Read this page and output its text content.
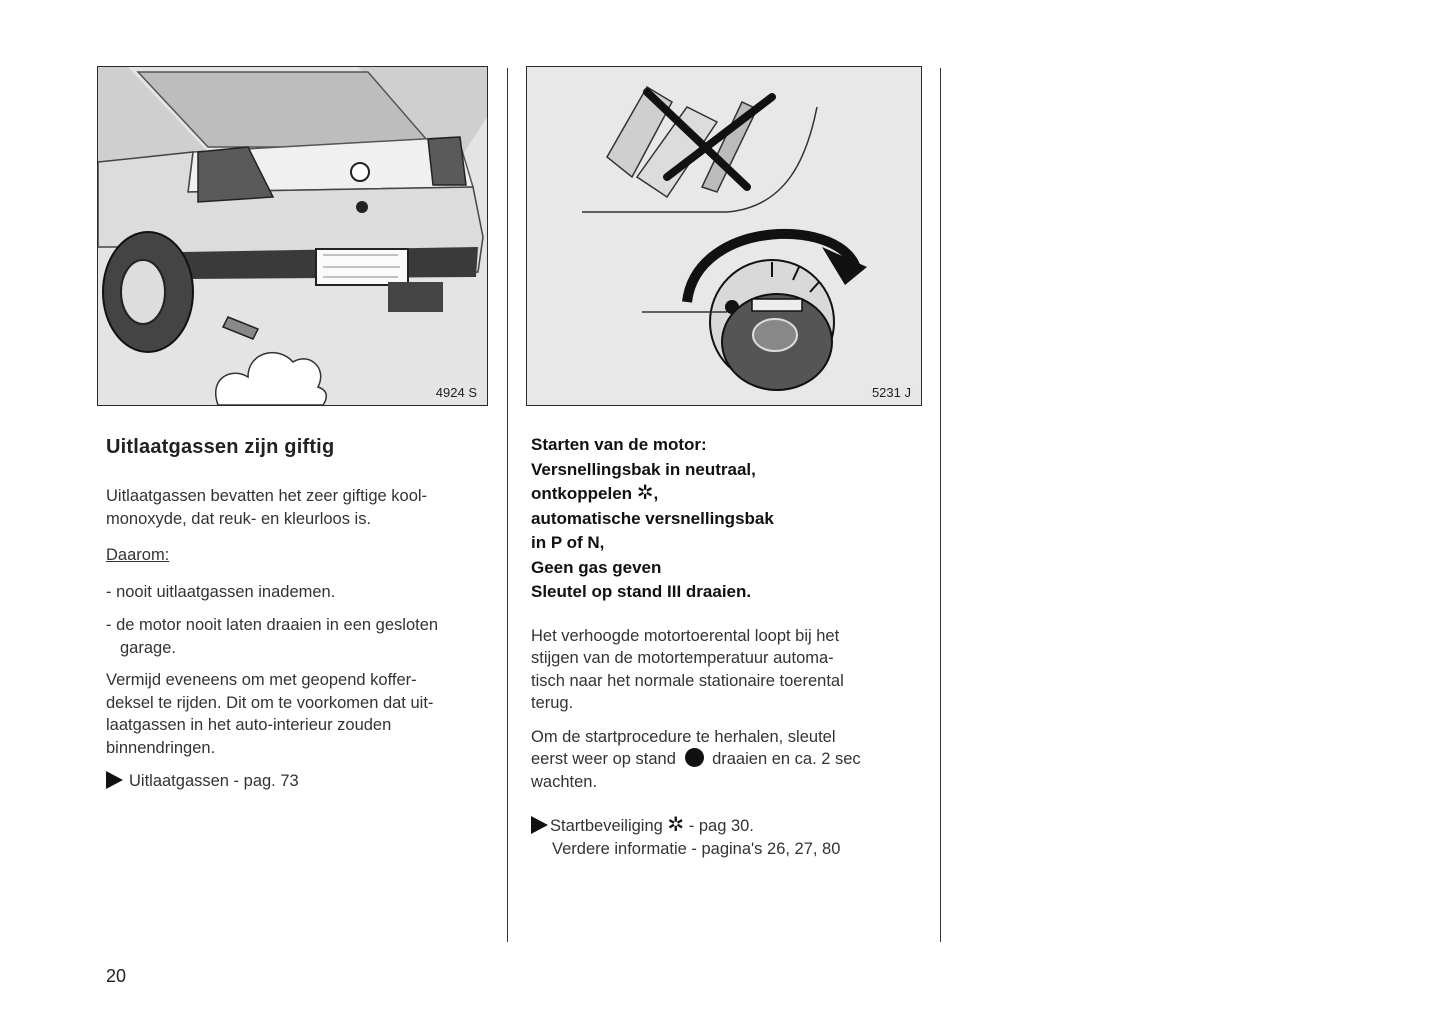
4924 S	5231 J
Uitlaatgassen zijn giftig

Uitlaatgassen bevatten het zeer giftige kool-

monoxyde, dat reuk- en kleurloos is.

Daarom:

- nooit uitlaatgassen inademen.

- de motor nooit laten draaien in een gesloten

garage.

Vermijd eveneens om met geopend koffer-

deksel te rijden. Dit om te voorkomen dat uit-

laatgassen in het auto-interieur zouden

binnendringen.

Uitlaatgassen - pag. 73

Starten van de motor:
Versnellingsbak in neutraal,
ontkoppelen ✲,
automatische versnellingsbak
in P of N,
Geen gas geven
Sleutel op stand III draaien.

Het verhoogde motortoerental loopt bij het

stijgen van de motortemperatuur automa-

tisch naar het normale stationaire toerental

terug.

Om de startprocedure te herhalen, sleutel

eerst weer op stand  draaien en ca. 2 sec

wachten.

Startbeveiliging ✲ - pag 30.

Verdere informatie - pagina's 26, 27, 80

20
